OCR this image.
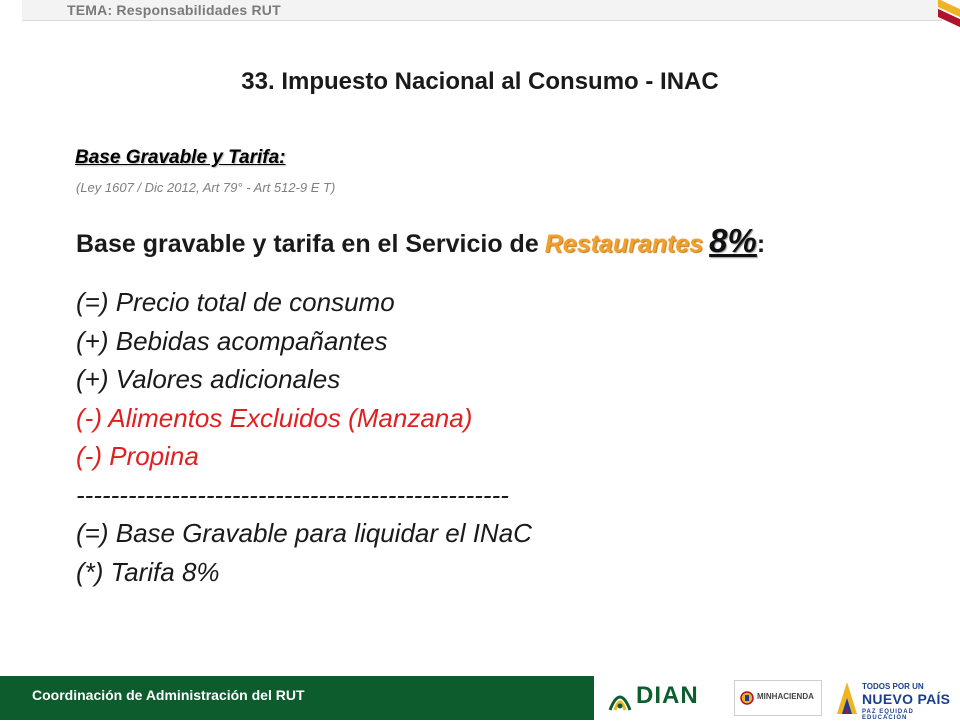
TEMA: Responsabilidades RUT
33. Impuesto Nacional al Consumo - INAC
Base Gravable y Tarifa:
(Ley 1607 / Dic 2012, Art 79° - Art 512-9 E T)
Base gravable y tarifa en el Servicio de Restaurantes 8%:
(=) Precio total de consumo
(+) Bebidas acompañantes
(+) Valores adicionales
(-) Alimentos Excluidos (Manzana)
(-) Propina
--------------------------------------------------
(=) Base Gravable para liquidar el INaC
(*) Tarifa 8%
Coordinación de Administración del RUT	DIAN	MINHACIENDA
TODOS POR UN
NUEVO PAÍS
PAZ EQUIDAD EDUCACIÓN
